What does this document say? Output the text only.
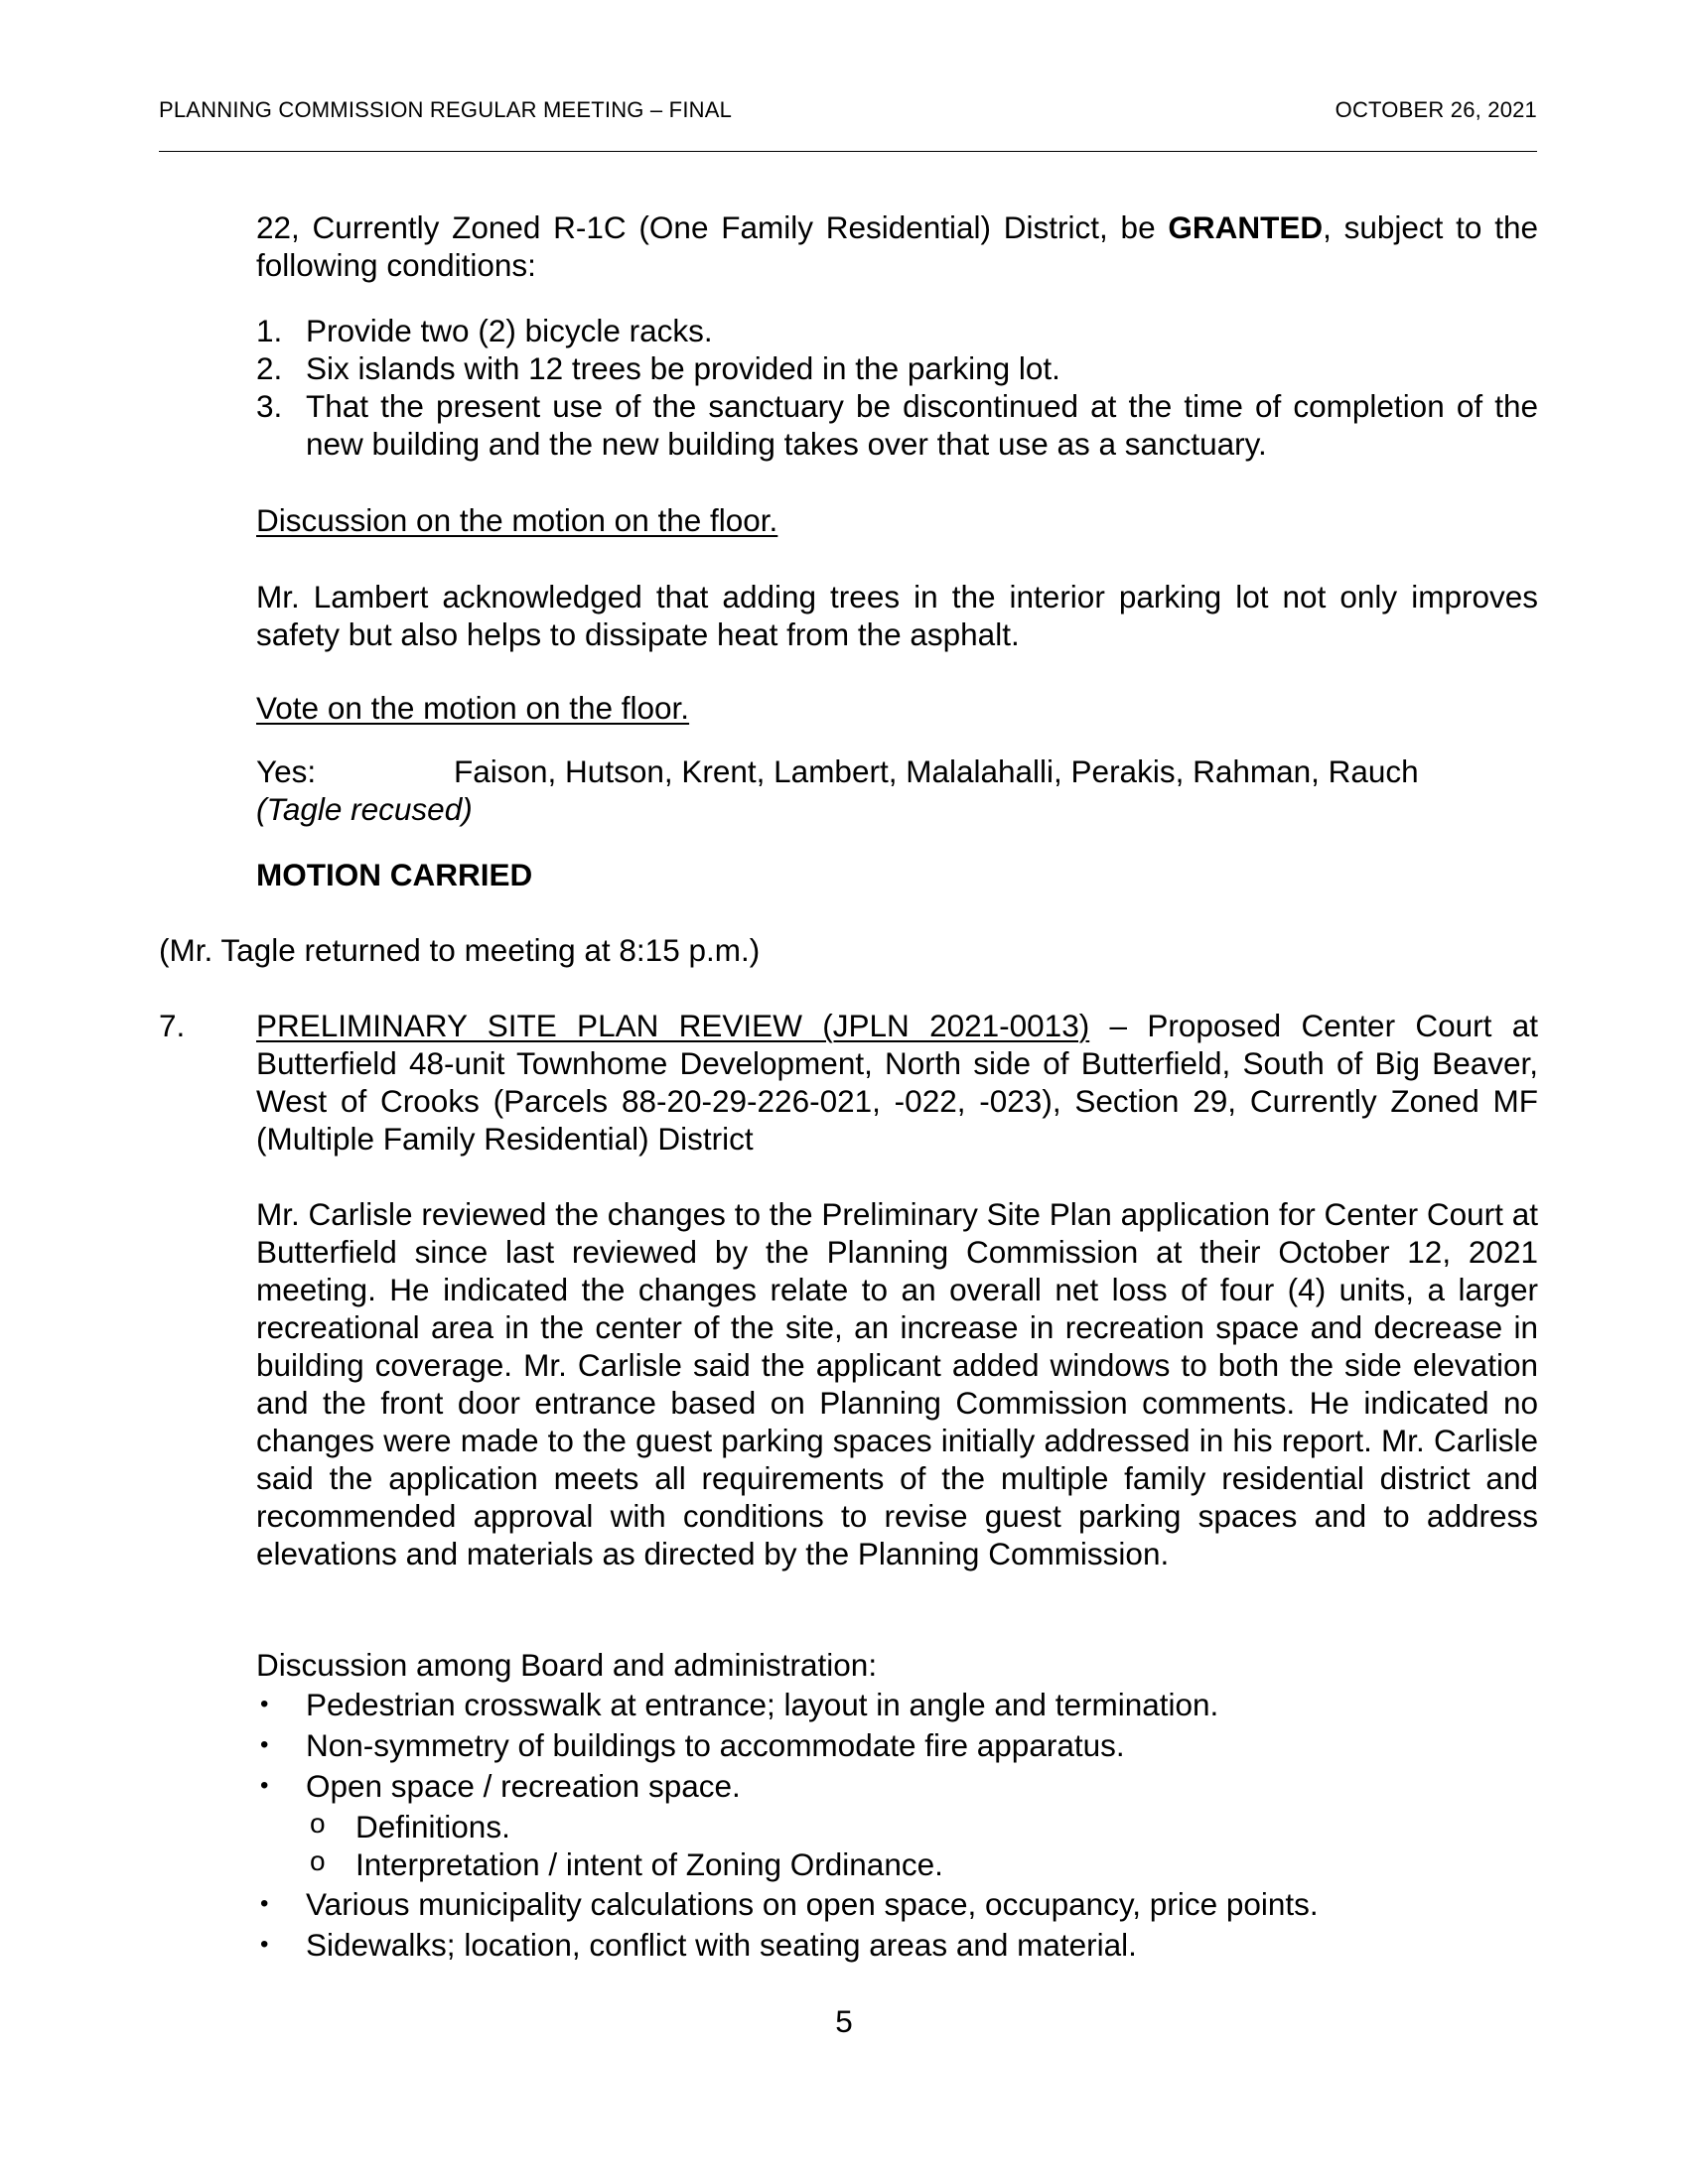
PLANNING COMMISSION REGULAR MEETING – FINAL	OCTOBER 26, 2021
22, Currently Zoned R-1C (One Family Residential) District, be GRANTED, subject to the following conditions:
1. Provide two (2) bicycle racks.
2. Six islands with 12 trees be provided in the parking lot.
3. That the present use of the sanctuary be discontinued at the time of completion of the new building and the new building takes over that use as a sanctuary.
Discussion on the motion on the floor.
Mr. Lambert acknowledged that adding trees in the interior parking lot not only improves safety but also helps to dissipate heat from the asphalt.
Vote on the motion on the floor.
Yes:	Faison, Hutson, Krent, Lambert, Malalahalli, Perakis, Rahman, Rauch
(Tagle recused)
MOTION CARRIED
(Mr. Tagle returned to meeting at 8:15 p.m.)
7. PRELIMINARY SITE PLAN REVIEW (JPLN 2021-0013) – Proposed Center Court at Butterfield 48-unit Townhome Development, North side of Butterfield, South of Big Beaver, West of Crooks (Parcels 88-20-29-226-021, -022, -023), Section 29, Currently Zoned MF (Multiple Family Residential) District
Mr. Carlisle reviewed the changes to the Preliminary Site Plan application for Center Court at Butterfield since last reviewed by the Planning Commission at their October 12, 2021 meeting. He indicated the changes relate to an overall net loss of four (4) units, a larger recreational area in the center of the site, an increase in recreation space and decrease in building coverage. Mr. Carlisle said the applicant added windows to both the side elevation and the front door entrance based on Planning Commission comments. He indicated no changes were made to the guest parking spaces initially addressed in his report. Mr. Carlisle said the application meets all requirements of the multiple family residential district and recommended approval with conditions to revise guest parking spaces and to address elevations and materials as directed by the Planning Commission.
Discussion among Board and administration:
• Pedestrian crosswalk at entrance; layout in angle and termination.
• Non-symmetry of buildings to accommodate fire apparatus.
• Open space / recreation space.
o Definitions.
o Interpretation / intent of Zoning Ordinance.
• Various municipality calculations on open space, occupancy, price points.
• Sidewalks; location, conflict with seating areas and material.
5
